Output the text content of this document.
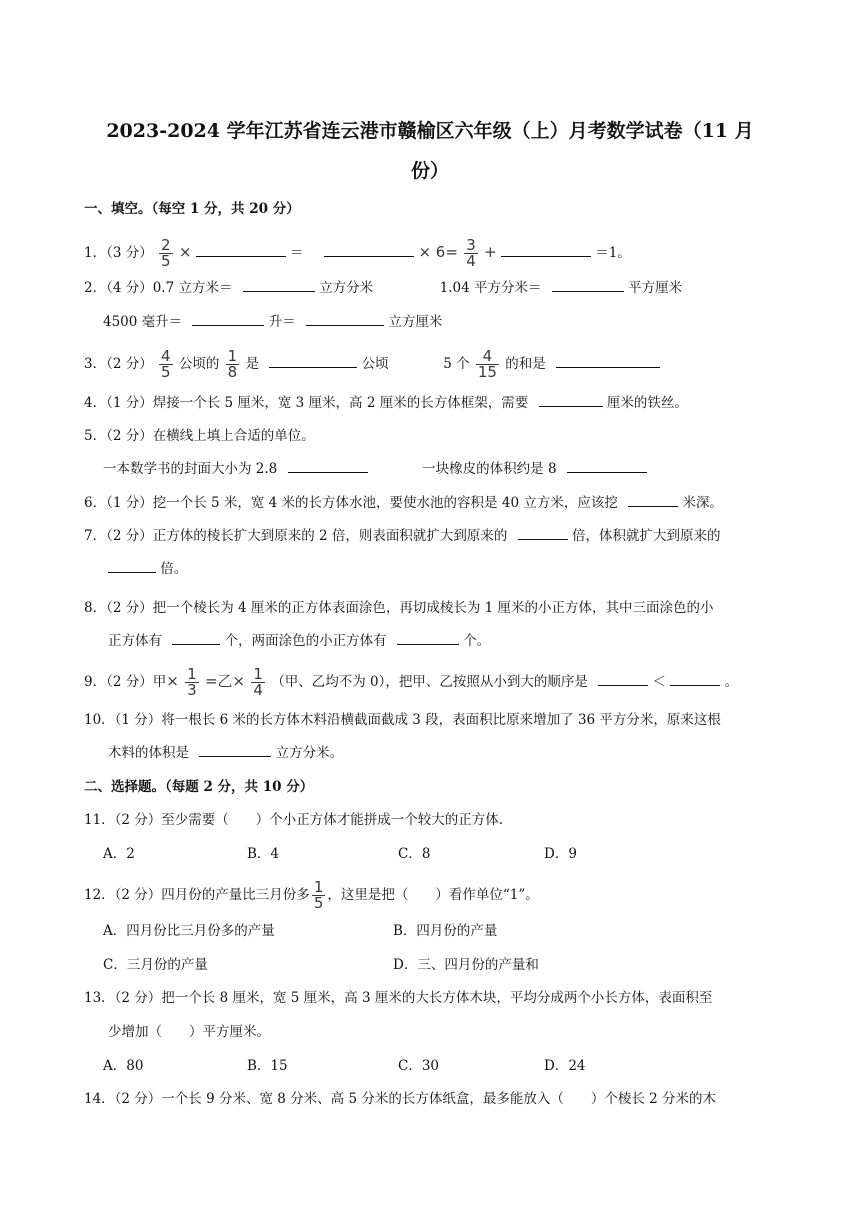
2023-2024 学年江苏省连云港市赣榆区六年级（上）月考数学试卷（11 月
份）
一、填空。（每空 1 分，共 20 分）
1．（3 分） $\frac{2}{5}$ ×	＝	× $6= \frac{3}{4}$ +	＝1。
2．（4 分）0.7 立方米＝	立方分米	1.04 平方分米＝	平方厘米
4500 毫升＝	升＝	立方厘米
3．（2 分） $\frac{4}{5}$ 公顷的 $\frac{1}{8}$ 是	公顷	5 个 $\frac{4}{15}$ 的和是
4．（1 分）焊接一个长 5 厘米，宽 3 厘米，高 2 厘米的长方体框架，需要	厘米的铁丝。
5．（2 分）在横线上填上合适的单位。
一本数学书的封面大小为 2.8	一块橡皮的体积约是 8
6．（1 分）挖一个长 5 米，宽 4 米的长方体水池，要使水池的容积是 40 立方米，应该挖	米深。
7．（2 分）正方体的棱长扩大到原来的 2 倍，则表面积就扩大到原来的	倍，体积就扩大到原来的
倍。
8．（2 分）把一个棱长为 4 厘米的正方体表面涂色，再切成棱长为 1 厘米的小正方体，其中三面涂色的小
正方体有	个，两面涂色的小正方体有	个。
9．（2 分）甲× $\frac{1}{3}$ =乙× $\frac{1}{4}$ （甲、乙均不为 0），把甲、乙按照从小到大的顺序是	＜	。
10．（1 分）将一根长 6 米的长方体木料沿横截面截成 3 段，表面积比原来增加了 36 平方分米，原来这根
木料的体积是	立方分米。
二、选择题。（每题 2 分，共 10 分）
11．（2 分）至少需要（　　）个小正方体才能拼成一个较大的正方体.
A．2	B．4	C．8	D．9
12．（2 分）四月份的产量比三月份多 $\frac{1}{5}$ ，这里是把（　　）看作单位“1”。
A．四月份比三月份多的产量	B．四月份的产量
C．三月份的产量	D．三、四月份的产量和
13．（2 分）把一个长 8 厘米，宽 5 厘米，高 3 厘米的大长方体木块，平均分成两个小长方体，表面积至
少增加（　　）平方厘米。
A．80	B．15	C．30	D．24
14．（2 分）一个长 9 分米、宽 8 分米、高 5 分米的长方体纸盒，最多能放入（　　）个棱长 2 分米的木
